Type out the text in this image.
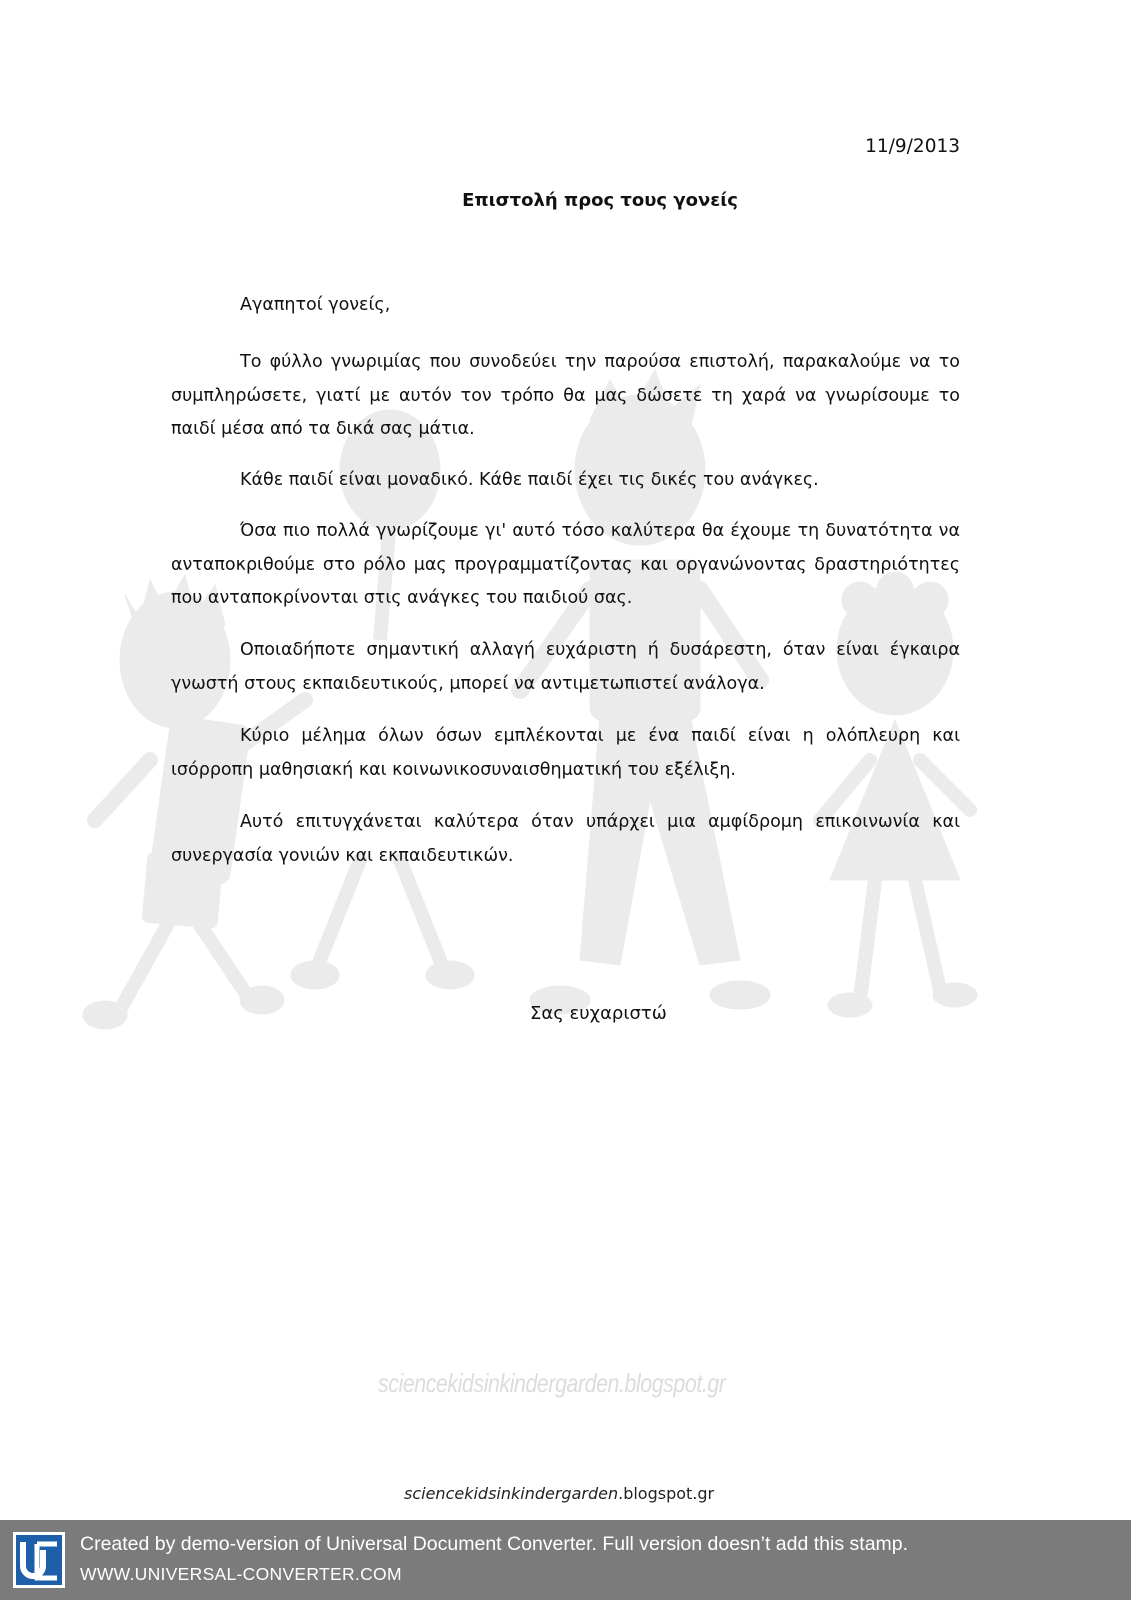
sciencekidsinkindergarden.blogspot.gr
11/9/2013
Επιστολή προς τους γονείς
Αγαπητοί γονείς,

Το φύλλο γνωριμίας που συνοδεύει την παρούσα επιστολή, παρακαλούμε να το συμπληρώσετε, γιατί με αυτόν τον τρόπο θα μας δώσετε τη χαρά να γνωρίσουμε το παιδί μέσα από τα δικά σας μάτια.

Κάθε παιδί είναι μοναδικό. Κάθε παιδί έχει τις δικές του ανάγκες.

Όσα πιο πολλά γνωρίζουμε γι' αυτό τόσο καλύτερα θα έχουμε τη δυνατότητα να ανταποκριθούμε στο ρόλο μας προγραμματίζοντας και οργανώνοντας δραστηριότητες που ανταποκρίνονται στις ανάγκες του παιδιού σας.

Οποιαδήποτε σημαντική αλλαγή ευχάριστη ή δυσάρεστη, όταν είναι έγκαιρα γνωστή στους εκπαιδευτικούς, μπορεί να αντιμετωπιστεί ανάλογα.

Κύριο μέλημα όλων όσων εμπλέκονται με ένα παιδί είναι η ολόπλευρη και ισόρροπη μαθησιακή και κοινωνικοσυναισθηματική του εξέλιξη.

Αυτό επιτυγχάνεται καλύτερα όταν υπάρχει μια αμφίδρομη επικοινωνία και συνεργασία γονιών και εκπαιδευτικών.

Σας ευχαριστώ
sciencekidsinkindergarden.blogspot.gr
Created by demo-version of Universal Document Converter. Full version doesn’t add this stamp.
WWW.UNIVERSAL-CONVERTER.COM
